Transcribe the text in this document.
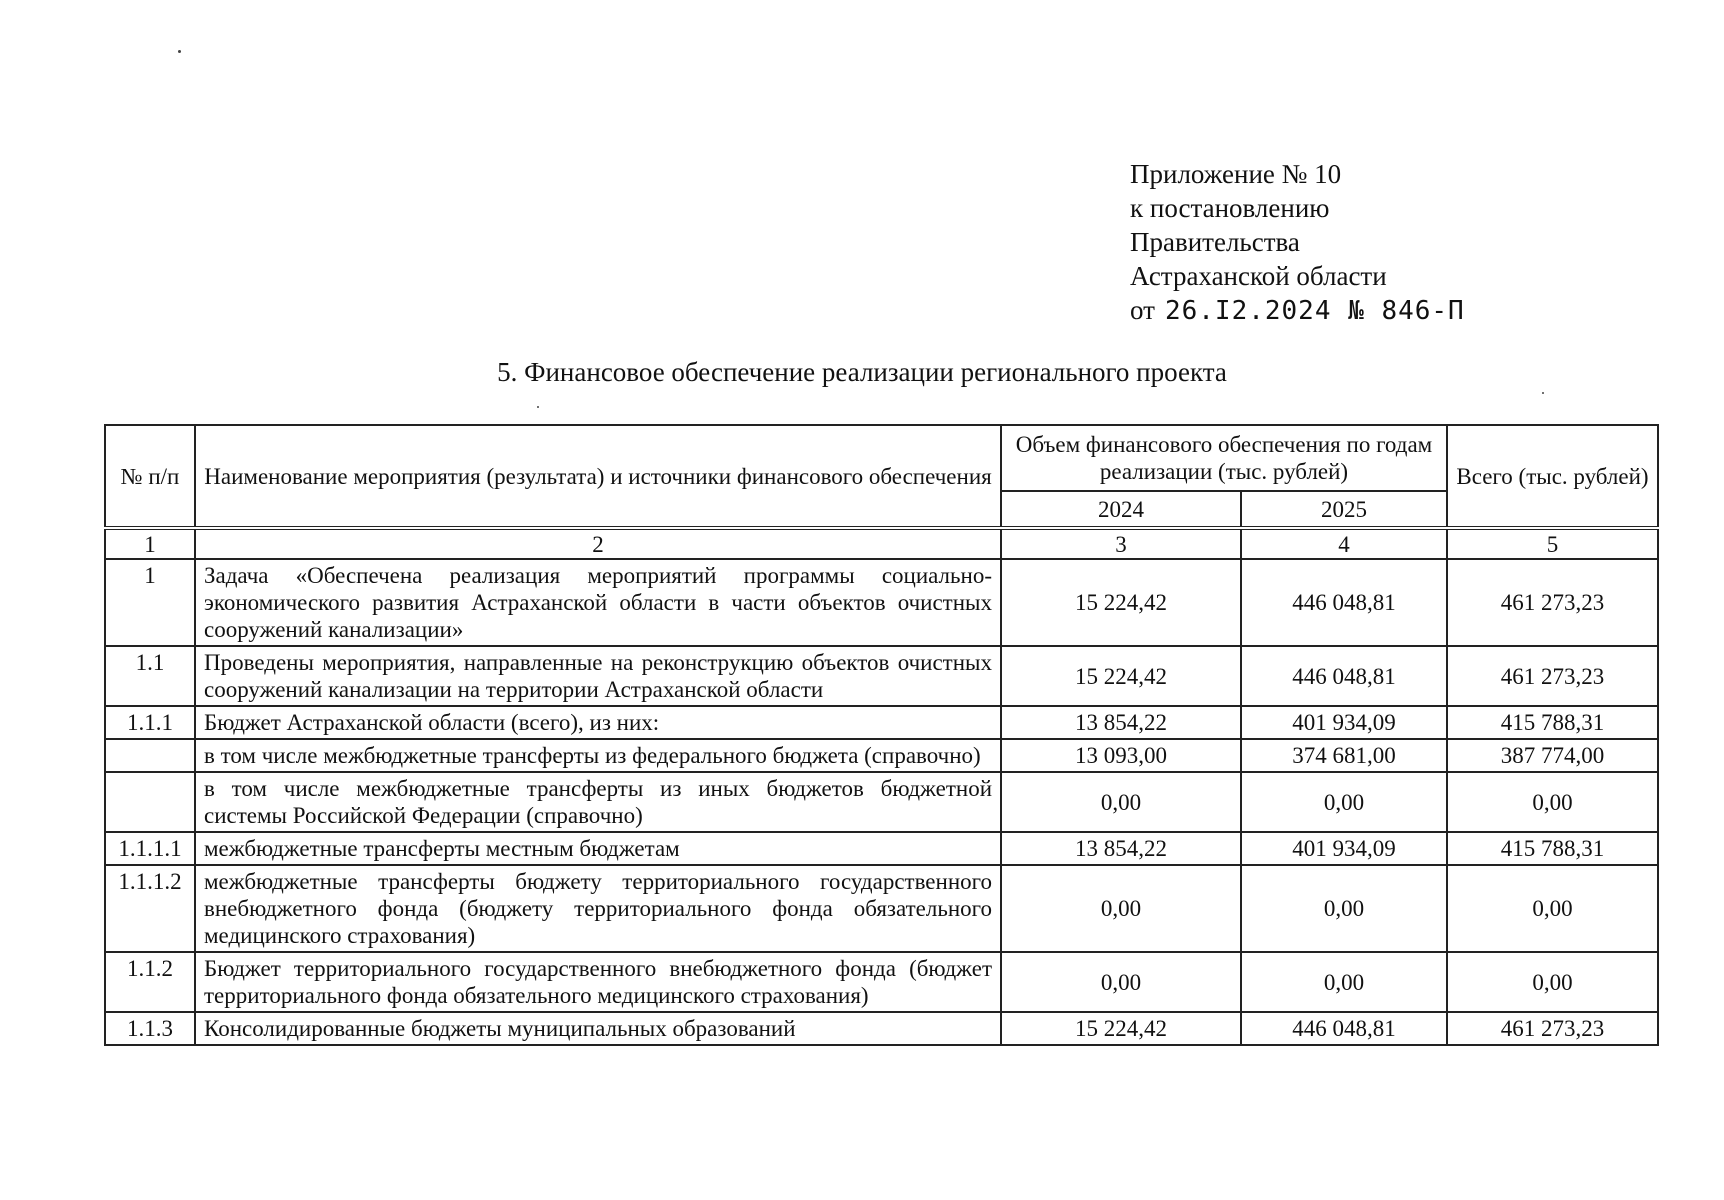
Приложение № 10
к постановлению
Правительства
Астраханской области
от 26.I2.2024 № 846-П
5. Финансовое обеспечение реализации регионального проекта
№ п/п	Наименование мероприятия (результата) и источники финансового обеспечения	Объем финансового обеспечения по годам реализации (тыс. рублей)		Всего (тыс. рублей)
		2024	2025	
1	2	3	4	5
1	Задача «Обеспечена реализация мероприятий программы социально-экономического развития Астраханской области в части объектов очистных сооружений канализации»	15 224,42	446 048,81	461 273,23
1.1	Проведены мероприятия, направленные на реконструкцию объектов очистных сооружений канализации на территории Астраханской области	15 224,42	446 048,81	461 273,23
1.1.1	Бюджет Астраханской области (всего), из них:	13 854,22	401 934,09	415 788,31
	в том числе межбюджетные трансферты из федерального бюджета (справочно)	13 093,00	374 681,00	387 774,00
	в том числе межбюджетные трансферты из иных бюджетов бюджетной системы Российской Федерации (справочно)	0,00	0,00	0,00
1.1.1.1	межбюджетные трансферты местным бюджетам	13 854,22	401 934,09	415 788,31
1.1.1.2	межбюджетные трансферты бюджету территориального государственного внебюджетного фонда (бюджету территориального фонда обязательного медицинского страхования)	0,00	0,00	0,00
1.1.2	Бюджет территориального государственного внебюджетного фонда (бюджет территориального фонда обязательного медицинского страхования)	0,00	0,00	0,00
1.1.3	Консолидированные бюджеты муниципальных образований	15 224,42	446 048,81	461 273,23
